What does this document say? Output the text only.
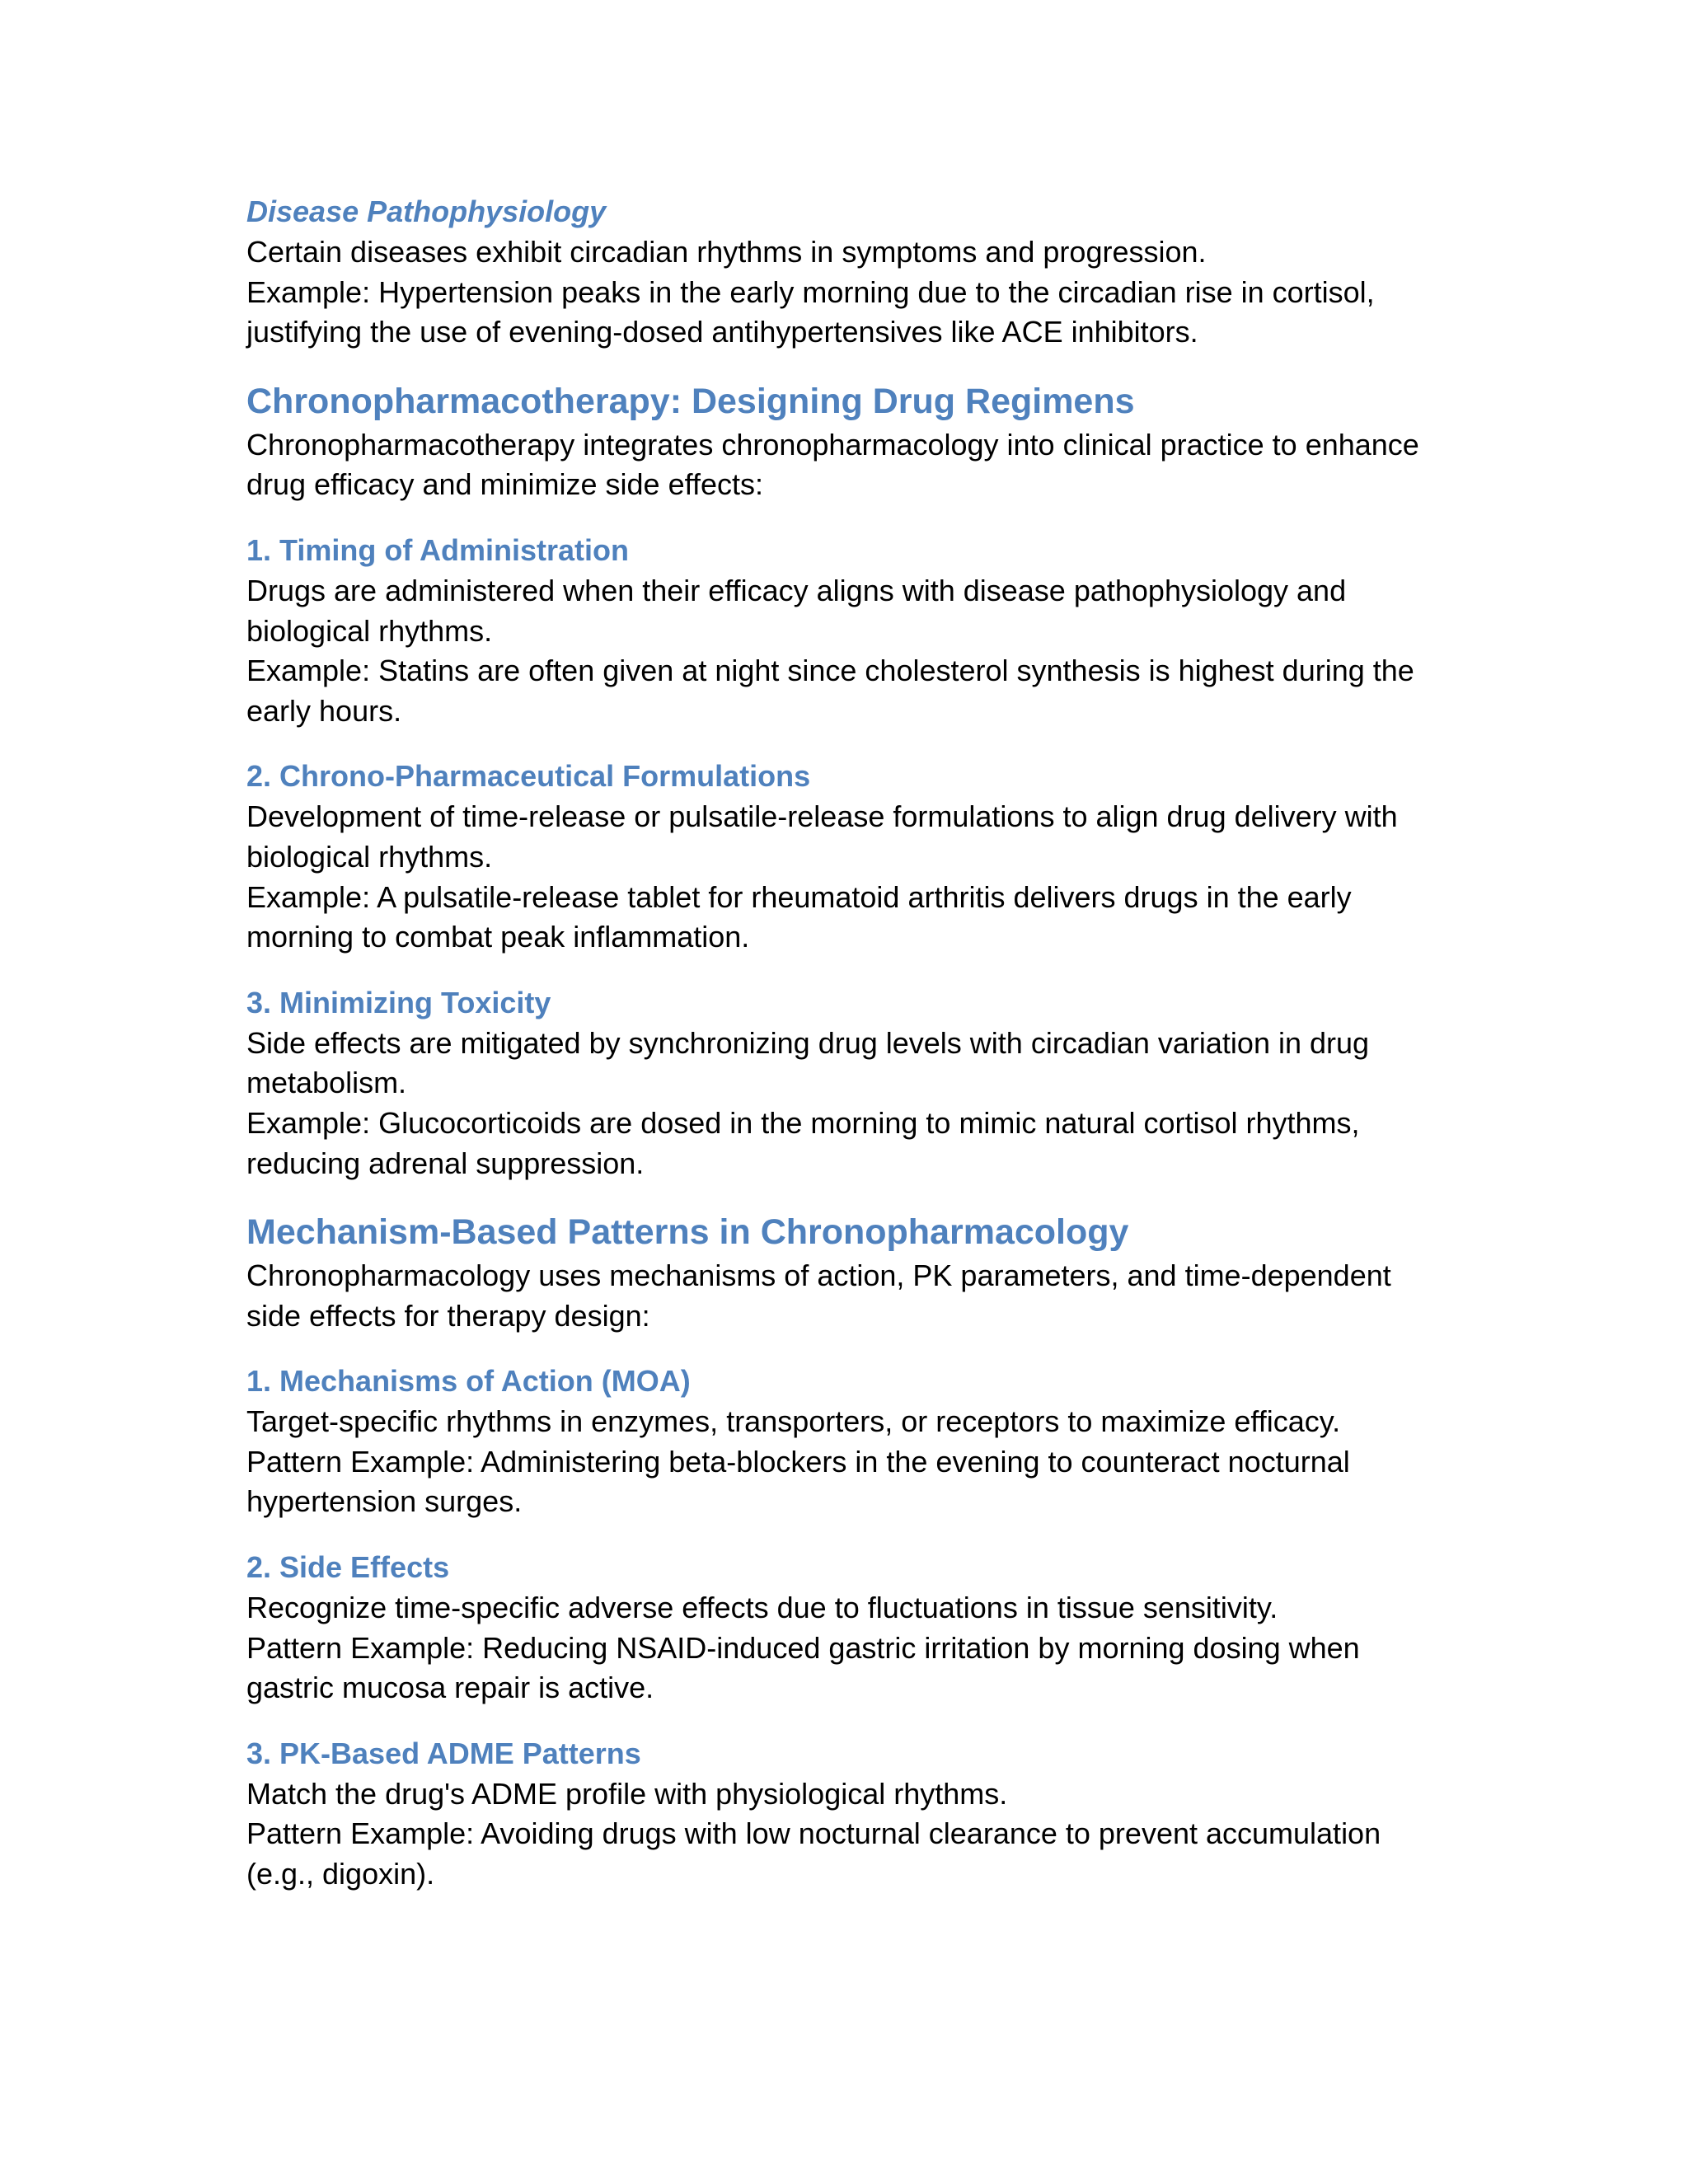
Disease Pathophysiology

Certain diseases exhibit circadian rhythms in symptoms and progression.

Example: Hypertension peaks in the early morning due to the circadian rise in cortisol, justifying the use of evening-dosed antihypertensives like ACE inhibitors.

Chronopharmacotherapy: Designing Drug Regimens

Chronopharmacotherapy integrates chronopharmacology into clinical practice to enhance drug efficacy and minimize side effects:

1. Timing of Administration

Drugs are administered when their efficacy aligns with disease pathophysiology and biological rhythms.

Example: Statins are often given at night since cholesterol synthesis is highest during the early hours.

2. Chrono-Pharmaceutical Formulations

Development of time-release or pulsatile-release formulations to align drug delivery with biological rhythms.

Example: A pulsatile-release tablet for rheumatoid arthritis delivers drugs in the early morning to combat peak inflammation.

3. Minimizing Toxicity

Side effects are mitigated by synchronizing drug levels with circadian variation in drug metabolism.

Example: Glucocorticoids are dosed in the morning to mimic natural cortisol rhythms, reducing adrenal suppression.

Mechanism-Based Patterns in Chronopharmacology

Chronopharmacology uses mechanisms of action, PK parameters, and time-dependent side effects for therapy design:

1. Mechanisms of Action (MOA)

Target-specific rhythms in enzymes, transporters, or receptors to maximize efficacy.

Pattern Example: Administering beta-blockers in the evening to counteract nocturnal hypertension surges.

2. Side Effects

Recognize time-specific adverse effects due to fluctuations in tissue sensitivity.

Pattern Example: Reducing NSAID-induced gastric irritation by morning dosing when gastric mucosa repair is active.

3. PK-Based ADME Patterns

Match the drug's ADME profile with physiological rhythms.

Pattern Example: Avoiding drugs with low nocturnal clearance to prevent accumulation (e.g., digoxin).
